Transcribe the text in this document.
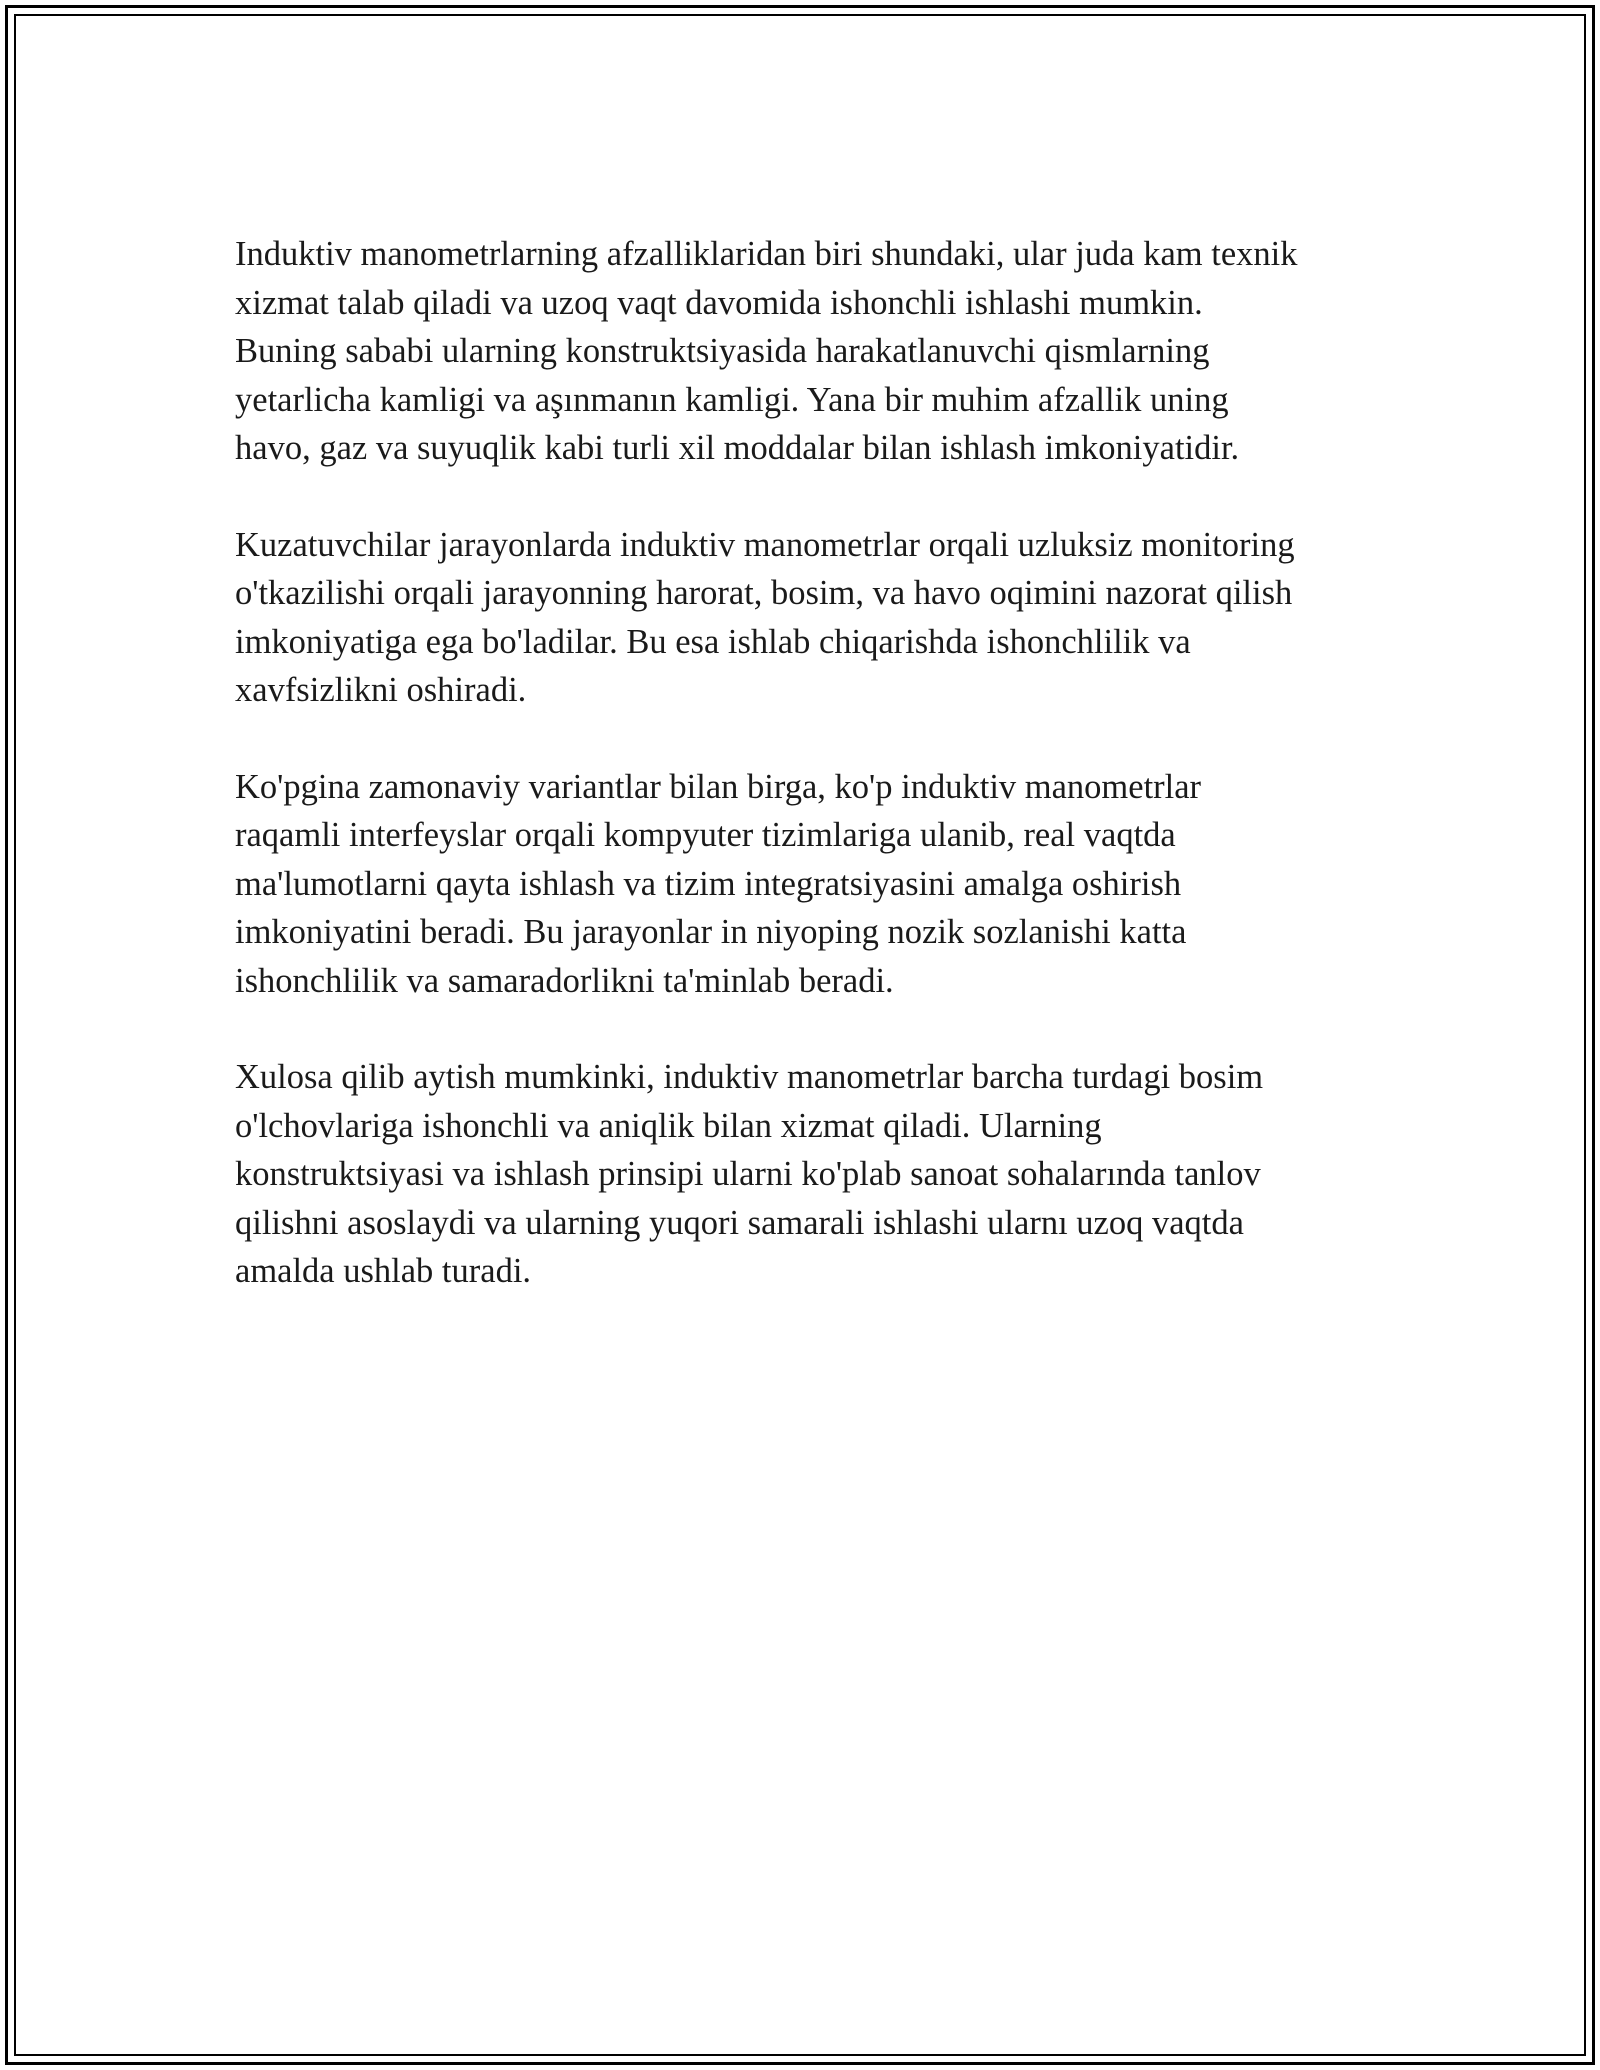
Induktiv manometrlarning afzalliklaridan biri shundaki, ular juda kam texnik
xizmat talab qiladi va uzoq vaqt davomida ishonchli ishlashi mumkin.
Buning sababi ularning konstruktsiyasida harakatlanuvchi qismlarning
yetarlicha kamligi va aşınmanın kamligi. Yana bir muhim afzallik uning
havo, gaz va suyuqlik kabi turli xil moddalar bilan ishlash imkoniyatidir.

Kuzatuvchilar jarayonlarda induktiv manometrlar orqali uzluksiz monitoring
o'tkazilishi orqali jarayonning harorat, bosim, va havo oqimini nazorat qilish
imkoniyatiga ega bo'ladilar. Bu esa ishlab chiqarishda ishonchlilik va
xavfsizlikni oshiradi.

Ko'pgina zamonaviy variantlar bilan birga, ko'p induktiv manometrlar
raqamli interfeyslar orqali kompyuter tizimlariga ulanib, real vaqtda
ma'lumotlarni qayta ishlash va tizim integratsiyasini amalga oshirish
imkoniyatini beradi. Bu jarayonlar in niyoping nozik sozlanishi katta
ishonchlilik va samaradorlikni ta'minlab beradi.

Xulosa qilib aytish mumkinki, induktiv manometrlar barcha turdagi bosim
o'lchovlariga ishonchli va aniqlik bilan xizmat qiladi. Ularning
konstruktsiyasi va ishlash prinsipi ularni ko'plab sanoat sohalarında tanlov
qilishni asoslaydi va ularning yuqori samarali ishlashi ularnı uzoq vaqtda
amalda ushlab turadi.
